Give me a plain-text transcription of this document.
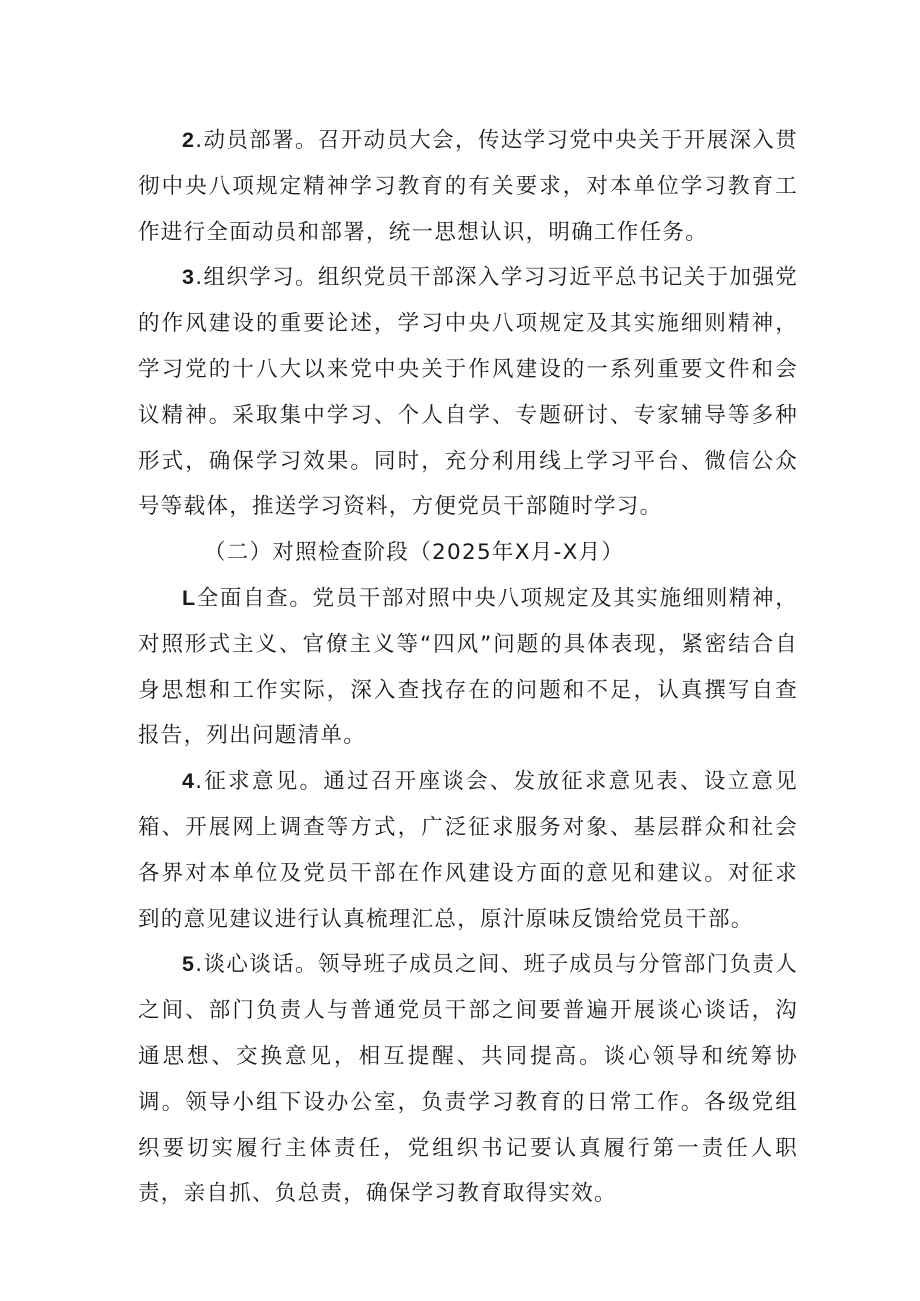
2.动员部署。召开动员大会，传达学习党中央关于开展深入贯彻中央八项规定精神学习教育的有关要求，对本单位学习教育工作进行全面动员和部署，统一思想认识，明确工作任务。

3.组织学习。组织党员干部深入学习习近平总书记关于加强党的作风建设的重要论述，学习中央八项规定及其实施细则精神，学习党的十八大以来党中央关于作风建设的一系列重要文件和会议精神。采取集中学习、个人自学、专题研讨、专家辅导等多种形式，确保学习效果。同时，充分利用线上学习平台、微信公众号等载体，推送学习资料，方便党员干部随时学习。

（二）对照检查阶段（2025年X月-X月）

L全面自查。党员干部对照中央八项规定及其实施细则精神，对照形式主义、官僚主义等“四风”问题的具体表现，紧密结合自身思想和工作实际，深入查找存在的问题和不足，认真撰写自查报告，列出问题清单。

4.征求意见。通过召开座谈会、发放征求意见表、设立意见箱、开展网上调查等方式，广泛征求服务对象、基层群众和社会各界对本单位及党员干部在作风建设方面的意见和建议。对征求到的意见建议进行认真梳理汇总，原汁原味反馈给党员干部。

5.谈心谈话。领导班子成员之间、班子成员与分管部门负责人之间、部门负责人与普通党员干部之间要普遍开展谈心谈话，沟通思想、交换意见，相互提醒、共同提高。谈心领导和统筹协调。领导小组下设办公室，负责学习教育的日常工作。各级党组织要切实履行主体责任，党组织书记要认真履行第一责任人职责，亲自抓、负总责，确保学习教育取得实效。
